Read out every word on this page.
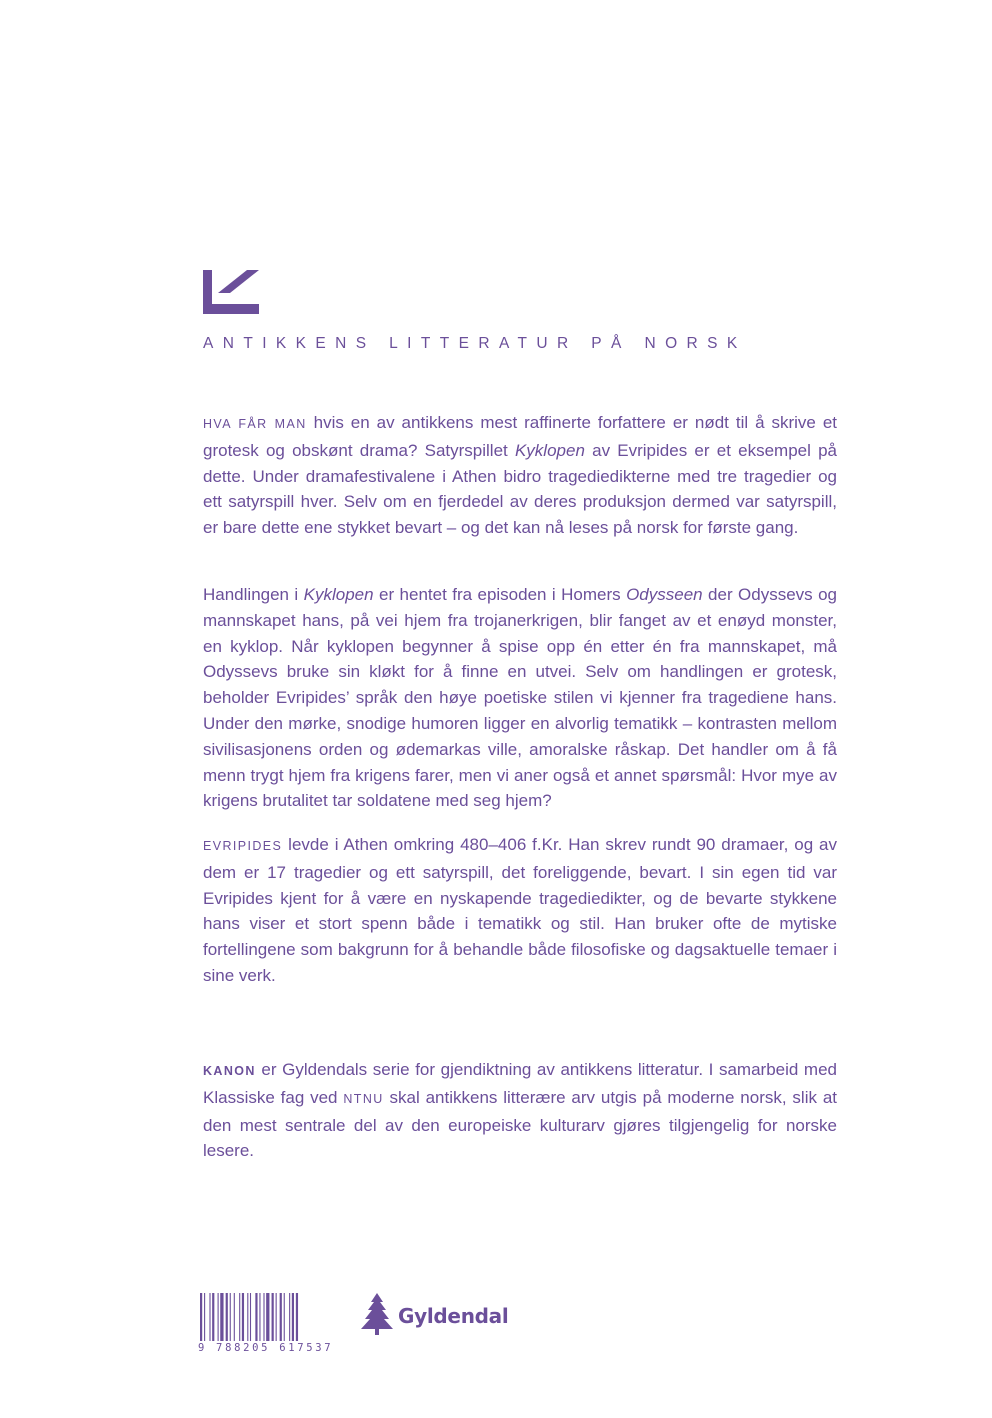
ANTIKKENS LITTERATUR PÅ NORSK

HVA FÅR MAN hvis en av antikkens mest raffinerte forfattere er nødt til å skrive et grotesk og obskønt drama? Satyrspillet Kyklopen av Evripides er et eksempel på dette. Under dramafestivalene i Athen bidro tragediedikterne med tre tragedier og ett satyrspill hver. Selv om en fjerdedel av deres produksjon dermed var satyrspill, er bare dette ene stykket bevart – og det kan nå leses på norsk for første gang.

Handlingen i Kyklopen er hentet fra episoden i Homers Odysseen der Odyssevs og mannskapet hans, på vei hjem fra trojanerkrigen, blir fanget av et enøyd monster, en kyklop. Når kyklopen begynner å spise opp én etter én fra mannskapet, må Odyssevs bruke sin kløkt for å finne en utvei. Selv om handlingen er grotesk, beholder Evripides’ språk den høye poetiske stilen vi kjenner fra tragediene hans. Under den mørke, snodige humoren ligger en alvorlig tematikk – kontrasten mellom sivilisasjonens orden og ødemarkas ville, amoralske råskap. Det handler om å få menn trygt hjem fra krigens farer, men vi aner også et annet spørsmål: Hvor mye av krigens brutalitet tar soldatene med seg hjem?

EVRIPIDES levde i Athen omkring 480–406 f.Kr. Han skrev rundt 90 dramaer, og av dem er 17 tragedier og ett satyrspill, det foreliggende, bevart. I sin egen tid var Evripides kjent for å være en nyskapende tragediedikter, og de bevarte stykkene hans viser et stort spenn både i tematikk og stil. Han bruker ofte de mytiske fortellingene som bakgrunn for å behandle både filosofiske og dagsaktuelle temaer i sine verk.

KANON er Gyldendals serie for gjendiktning av antikkens litteratur. I samarbeid med Klassiske fag ved NTNU skal antikkens litterære arv utgis på moderne norsk, slik at den mest sentrale del av den europeiske kulturarv gjøres tilgjengelig for norske lesere.

9 788205 617537
Gyldendal
